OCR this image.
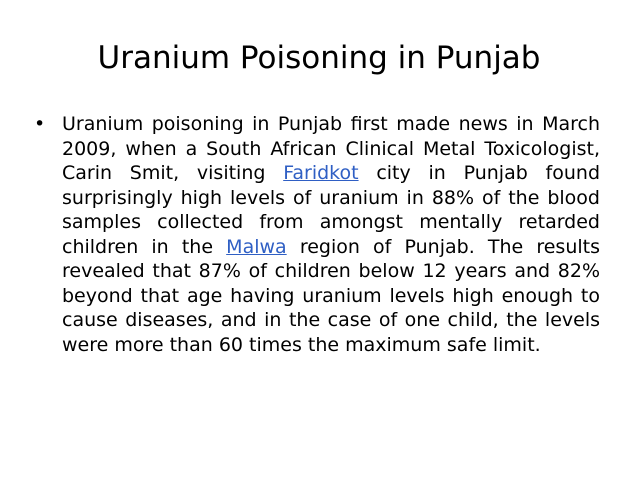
Uranium Poisoning in Punjab
• Uranium poisoning in Punjab first made news in March 2009, when a South African Clinical Metal Toxicologist, Carin Smit, visiting Faridkot city in Punjab found surprisingly high levels of uranium in 88% of the blood samples collected from amongst mentally retarded children in the Malwa region of Punjab. The results revealed that 87% of children below 12 years and 82% beyond that age having uranium levels high enough to cause diseases, and in the case of one child, the levels were more than 60 times the maximum safe limit.
